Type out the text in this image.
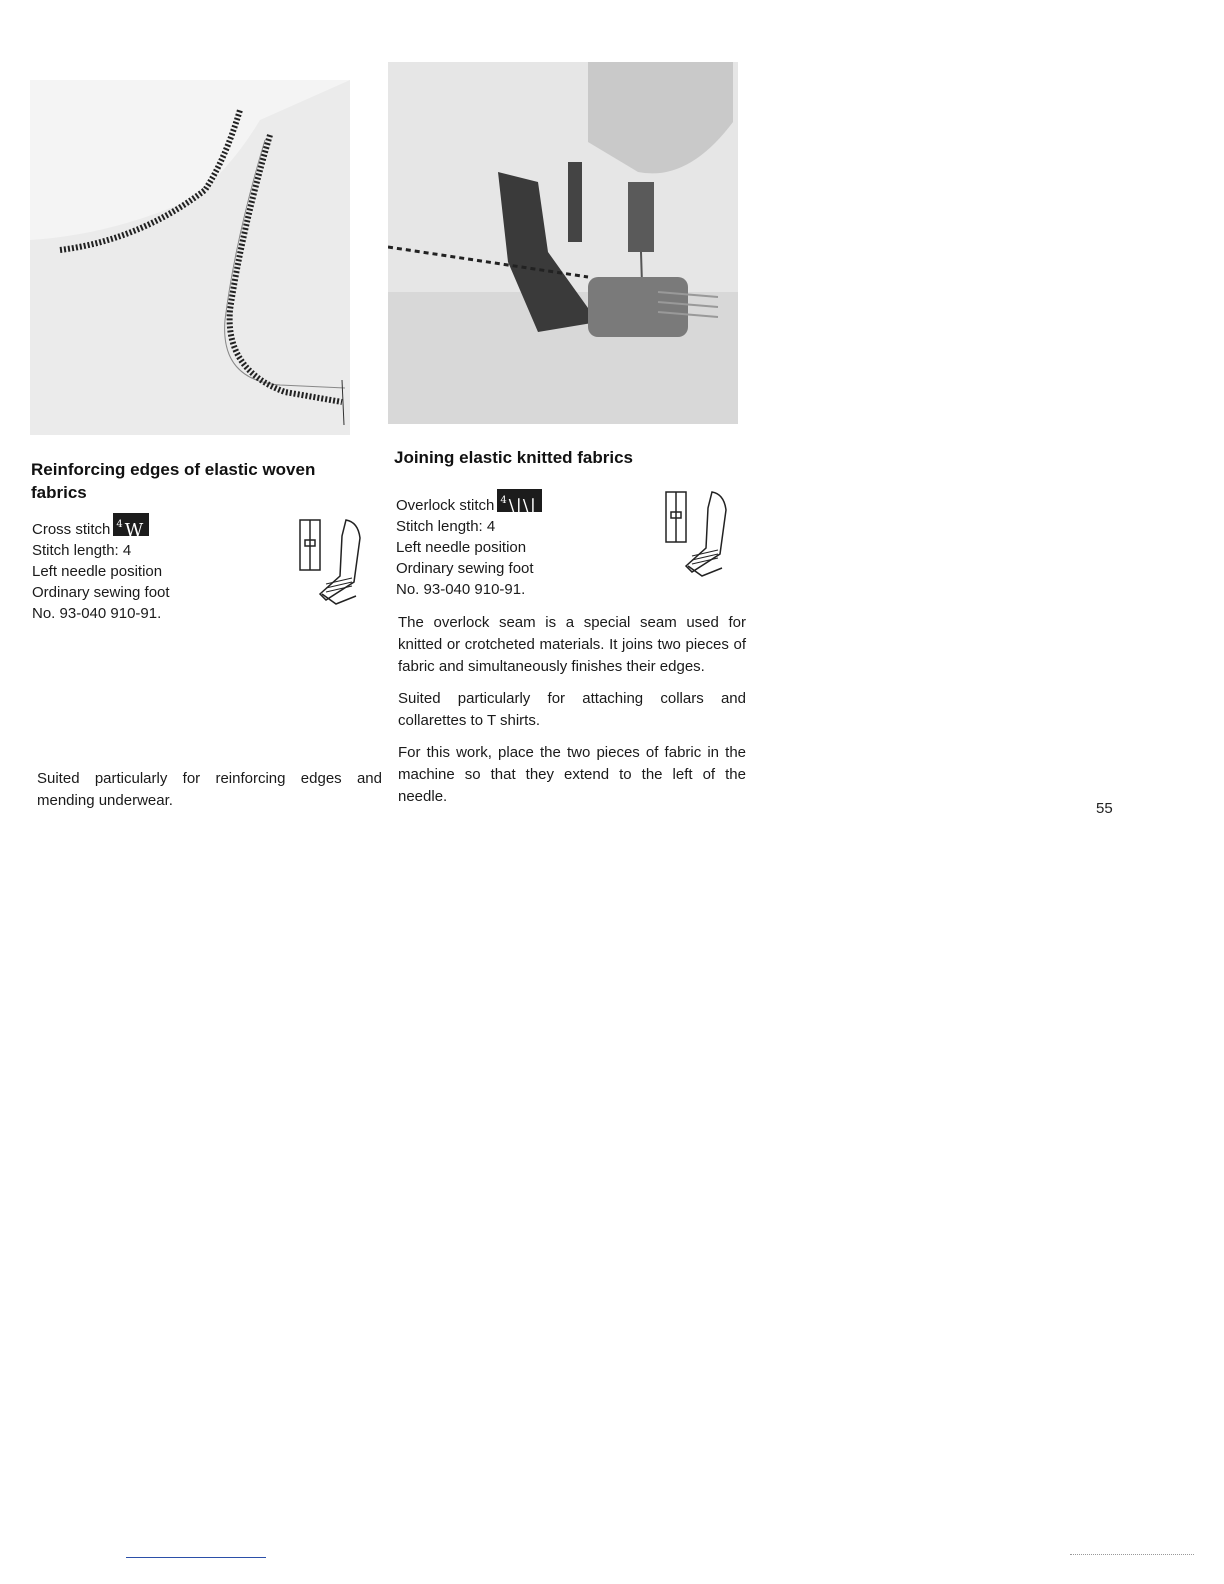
Reinforcing edges of elastic woven fabrics
Cross stitch $^4$ W
Stitch length: 4
Left needle position
Ordinary sewing foot
No. 93-040 910-91.
Suited particularly for reinforcing edges and mending underwear.
Joining elastic knitted fabrics
Overlock stitch $^4$ \|\|
Stitch length: 4
Left needle position
Ordinary sewing foot
No. 93-040 910-91.

The overlock seam is a special seam used for knitted or crotcheted materials. It joins two pieces of fabric and simultaneously finishes their edges.

Suited particularly for attaching collars and collarettes to T shirts.

For this work, place the two pieces of fabric in the machine so that they extend to the left of the needle.

55
